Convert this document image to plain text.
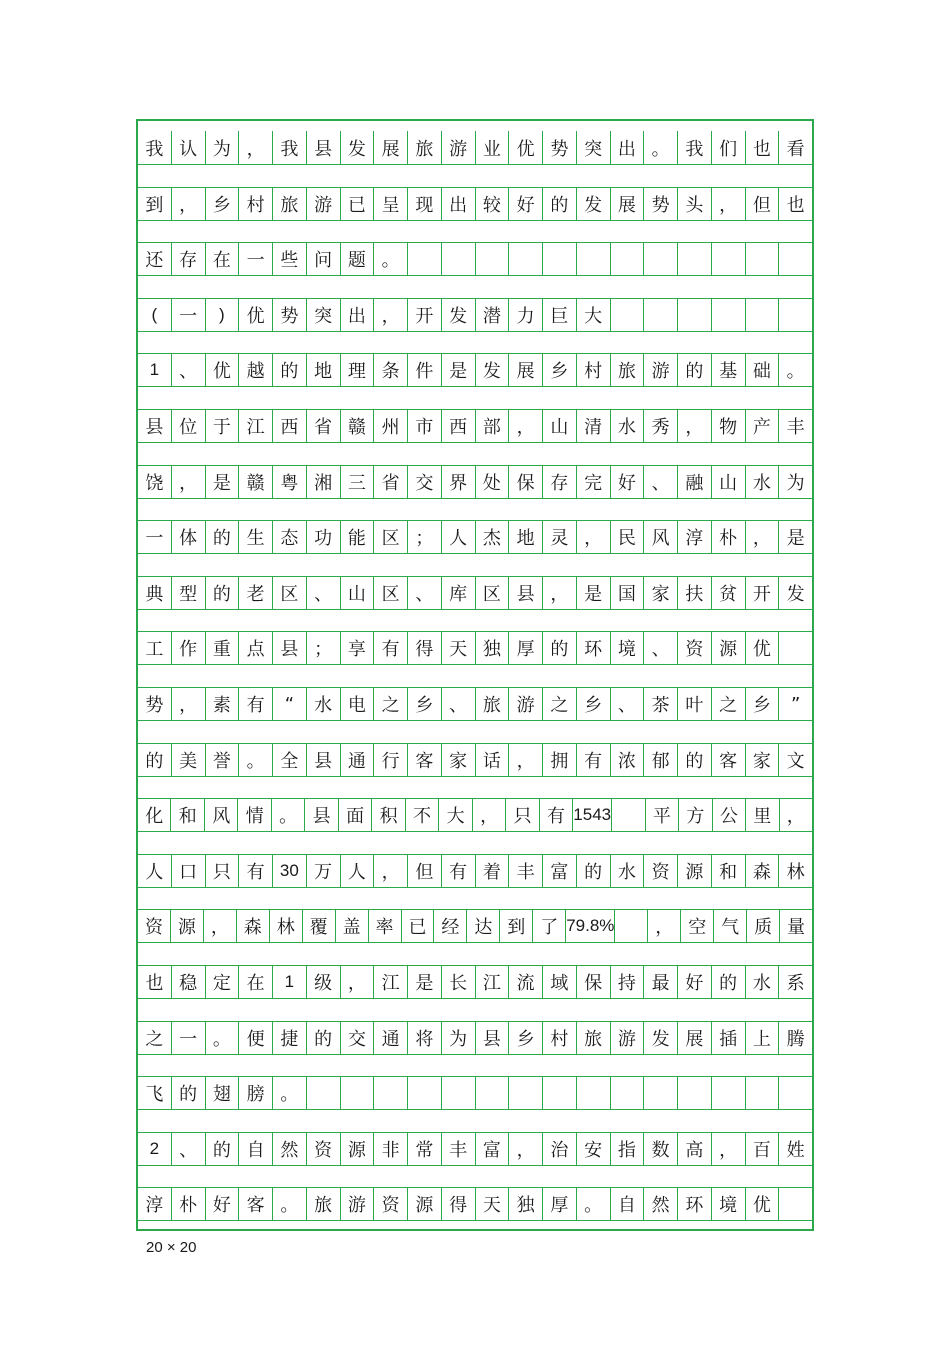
我 认 为 ， 我 县 发 展 旅 游 业 优 势 突 出 。 我 们 也 看
到 ， 乡 村 旅 游 已 呈 现 出 较 好 的 发 展 势 头 ， 但 也
还 存 在 一 些 问 题 。
(	一	)	优 势 突 出 ， 开 发 潜 力 巨 大
1	、 优 越 的 地 理 条 件 是 发 展 乡 村 旅 游 的 基 础 。
县 位 于 江 西 省 赣 州 市 西 部 ， 山 清 水 秀 ， 物 产 丰
饶 ， 是 赣 粤 湘 三 省 交 界 处 保 存 完 好 、 融 山 水 为
一 体 的 生 态 功 能 区 ； 人 杰 地 灵 ， 民 风 淳 朴 ， 是
典 型 的 老 区 、 山 区 、 库 区 县 ， 是 国 家 扶 贫 开 发
工 作 重 点 县 ； 享 有 得 天 独 厚 的 环 境 、 资 源 优
势 ， 素 有	“	水 电 之 乡 、 旅 游 之 乡 、 茶 叶 之 乡	”
的 美 誉 。 全 县 通 行 客 家 话 ， 拥 有 浓 郁 的 客 家 文
化 和 风 情 。 县 面 积 不 大 ， 只 有 1543	平 方 公 里 ，
人 口 只 有 30 万 人 ， 但 有 着 丰 富 的 水 资 源 和 森 林
资 源 ， 森 林 覆 盖 率 已 经 达 到 了 79.8%	， 空 气 质 量
也 稳 定 在	1	级 ， 江 是 长 江 流 域 保 持 最 好 的 水 系
之 一 。 便 捷 的 交 通 将 为 县 乡 村 旅 游 发 展 插 上 腾
飞 的 翅 膀 。
2	、 的 自 然 资 源 非 常 丰 富 ， 治 安 指 数 高 ， 百 姓
淳 朴 好 客 。 旅 游 资 源 得 天 独 厚 。 自 然 环 境 优
20 × 20
